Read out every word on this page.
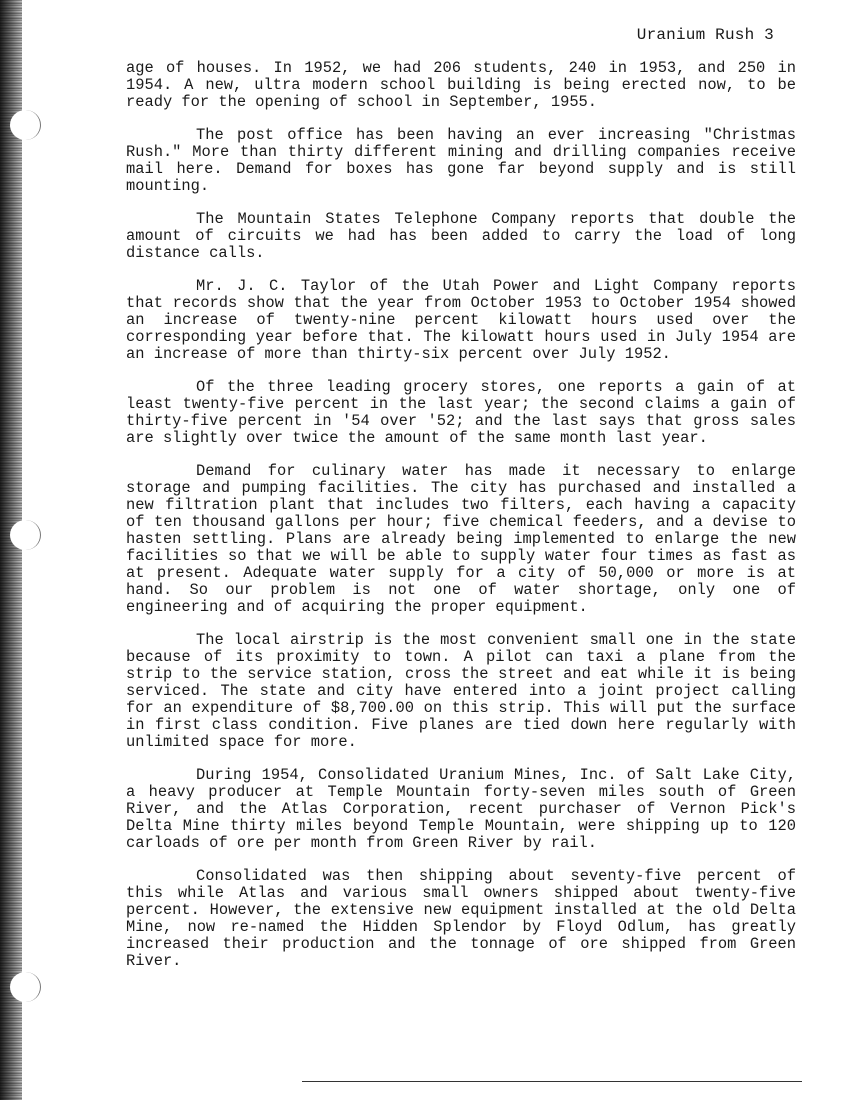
Uranium Rush 3

age of houses. In 1952, we had 206 students, 240 in 1953, and 250 in 1954. A new, ultra modern school building is being erected now, to be ready for the opening of school in September, 1955.

The post office has been having an ever increasing "Christmas Rush." More than thirty different mining and drilling companies receive mail here. Demand for boxes has gone far beyond supply and is still mounting.

The Mountain States Telephone Company reports that double the amount of circuits we had has been added to carry the load of long distance calls.

Mr. J. C. Taylor of the Utah Power and Light Company reports that records show that the year from October 1953 to October 1954 showed an increase of twenty-nine percent kilowatt hours used over the corresponding year before that. The kilowatt hours used in July 1954 are an increase of more than thirty-six percent over July 1952.

Of the three leading grocery stores, one reports a gain of at least twenty-five percent in the last year; the second claims a gain of thirty-five percent in '54 over '52; and the last says that gross sales are slightly over twice the amount of the same month last year.

Demand for culinary water has made it necessary to enlarge storage and pumping facilities. The city has purchased and installed a new filtration plant that includes two filters, each having a capacity of ten thousand gallons per hour; five chemical feeders, and a devise to hasten settling. Plans are already being implemented to enlarge the new facilities so that we will be able to supply water four times as fast as at present. Adequate water supply for a city of 50,000 or more is at hand. So our problem is not one of water shortage, only one of engineering and of acquiring the proper equipment.

The local airstrip is the most convenient small one in the state because of its proximity to town. A pilot can taxi a plane from the strip to the service station, cross the street and eat while it is being serviced. The state and city have entered into a joint project calling for an expenditure of $8,700.00 on this strip. This will put the surface in first class condition. Five planes are tied down here regularly with unlimited space for more.

During 1954, Consolidated Uranium Mines, Inc. of Salt Lake City, a heavy producer at Temple Mountain forty-seven miles south of Green River, and the Atlas Corporation, recent purchaser of Vernon Pick's Delta Mine thirty miles beyond Temple Mountain, were shipping up to 120 carloads of ore per month from Green River by rail.

Consolidated was then shipping about seventy-five percent of this while Atlas and various small owners shipped about twenty-five percent. However, the extensive new equipment installed at the old Delta Mine, now re-named the Hidden Splendor by Floyd Odlum, has greatly increased their production and the tonnage of ore shipped from Green River.
